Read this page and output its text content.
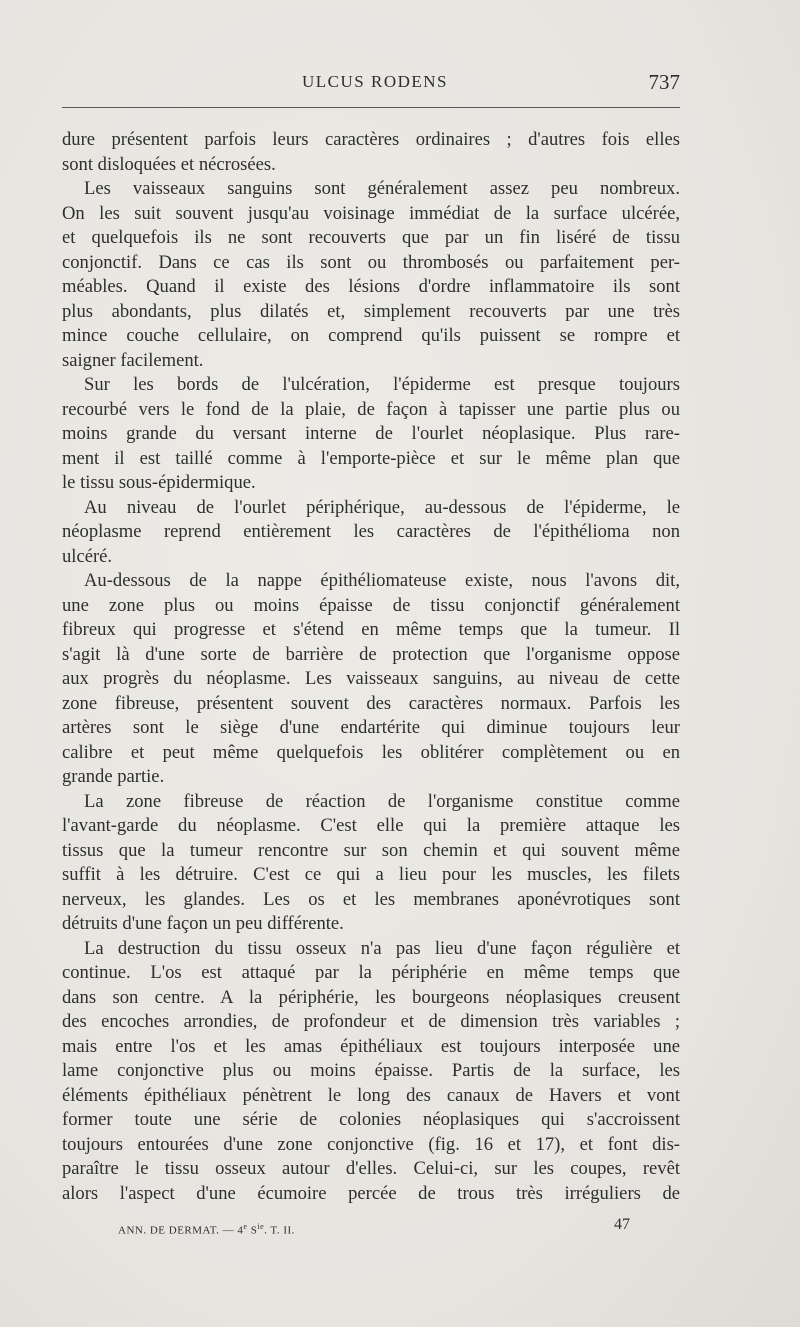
ULCUS RODENS	737
dure présentent parfois leurs caractères ordinaires ; d'autres fois elles
sont disloquées et nécrosées.
Les vaisseaux sanguins sont généralement assez peu nombreux.
On les suit souvent jusqu'au voisinage immédiat de la surface ulcérée,
et quelquefois ils ne sont recouverts que par un fin liséré de tissu
conjonctif. Dans ce cas ils sont ou thrombosés ou parfaitement per-
méables. Quand il existe des lésions d'ordre inflammatoire ils sont
plus abondants, plus dilatés et, simplement recouverts par une très
mince couche cellulaire, on comprend qu'ils puissent se rompre et
saigner facilement.
Sur les bords de l'ulcération, l'épiderme est presque toujours
recourbé vers le fond de la plaie, de façon à tapisser une partie plus ou
moins grande du versant interne de l'ourlet néoplasique. Plus rare-
ment il est taillé comme à l'emporte-pièce et sur le même plan que
le tissu sous-épidermique.
Au niveau de l'ourlet périphérique, au-dessous de l'épiderme, le
néoplasme reprend entièrement les caractères de l'épithélioma non
ulcéré.
Au-dessous de la nappe épithéliomateuse existe, nous l'avons dit,
une zone plus ou moins épaisse de tissu conjonctif généralement
fibreux qui progresse et s'étend en même temps que la tumeur. Il
s'agit là d'une sorte de barrière de protection que l'organisme oppose
aux progrès du néoplasme. Les vaisseaux sanguins, au niveau de cette
zone fibreuse, présentent souvent des caractères normaux. Parfois les
artères sont le siège d'une endartérite qui diminue toujours leur
calibre et peut même quelquefois les oblitérer complètement ou en
grande partie.
La zone fibreuse de réaction de l'organisme constitue comme
l'avant-garde du néoplasme. C'est elle qui la première attaque les
tissus que la tumeur rencontre sur son chemin et qui souvent même
suffit à les détruire. C'est ce qui a lieu pour les muscles, les filets
nerveux, les glandes. Les os et les membranes aponévrotiques sont
détruits d'une façon un peu différente.
La destruction du tissu osseux n'a pas lieu d'une façon régulière et
continue. L'os est attaqué par la périphérie en même temps que
dans son centre. A la périphérie, les bourgeons néoplasiques creusent
des encoches arrondies, de profondeur et de dimension très variables ;
mais entre l'os et les amas épithéliaux est toujours interposée une
lame conjonctive plus ou moins épaisse. Partis de la surface, les
éléments épithéliaux pénètrent le long des canaux de Havers et vont
former toute une série de colonies néoplasiques qui s'accroissent
toujours entourées d'une zone conjonctive (fig. 16 et 17), et font dis-
paraître le tissu osseux autour d'elles. Celui-ci, sur les coupes, revêt
alors l'aspect d'une écumoire percée de trous très irréguliers de
ANN. DE DERMAT. — 4e $S^{ie}$. T. II.	47
